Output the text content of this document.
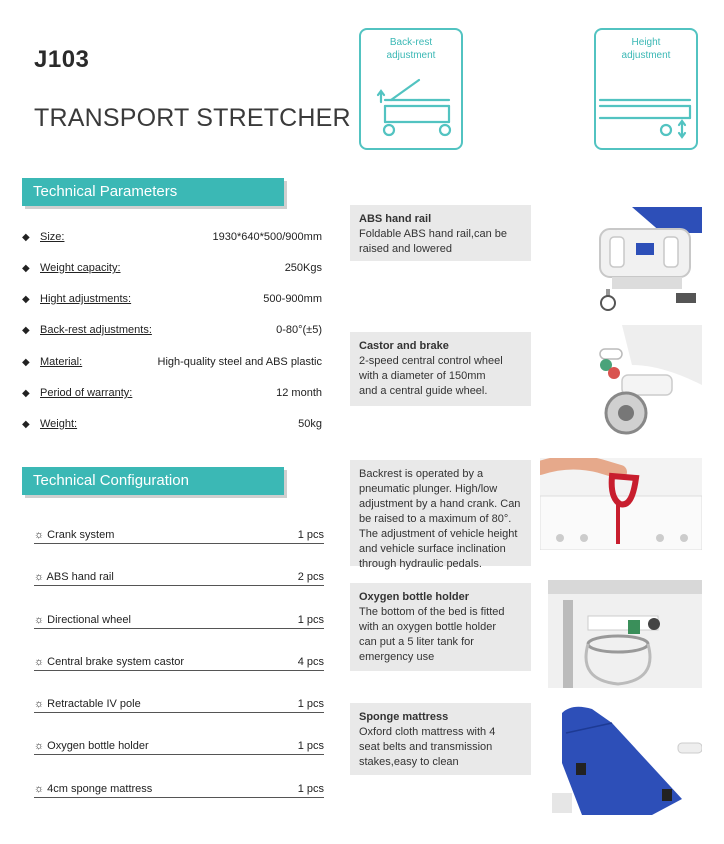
J103
TRANSPORT STRETCHER
Back-rest
adjustment
Height
adjustment
Technical Parameters
◆ Size:	1930*640*500/900mm
◆ Weight capacity:	250Kgs
◆ Hight adjustments:	500-900mm
◆ Back-rest adjustments:	0-80°(±5)
◆ Material:	High-quality steel and ABS plastic
◆ Period of warranty:	12 month
◆ Weight:	50kg
Technical Configuration
☼ Crank system	1 pcs
☼ ABS hand rail	2 pcs
☼ Directional wheel	1 pcs
☼ Central brake system castor	4 pcs
☼ Retractable IV pole	1 pcs
☼ Oxygen bottle holder	1 pcs
☼ 4cm sponge mattress	1 pcs
ABS hand rail
Foldable ABS hand rail,can be
raised and lowered
Castor and brake
2-speed central control wheel
with a diameter of 150mm
and a central guide wheel.
Backrest is operated by a
pneumatic plunger. High/low
adjustment by a hand crank. Can
be raised to a maximum of 80°.
The adjustment of vehicle height
and vehicle surface inclination
through hydraulic pedals.
Oxygen bottle holder
The bottom of the bed is fitted
with an oxygen bottle holder
can put a 5 liter tank for
emergency use
Sponge mattress
Oxford cloth mattress with 4
seat belts and transmission
stakes,easy to clean
